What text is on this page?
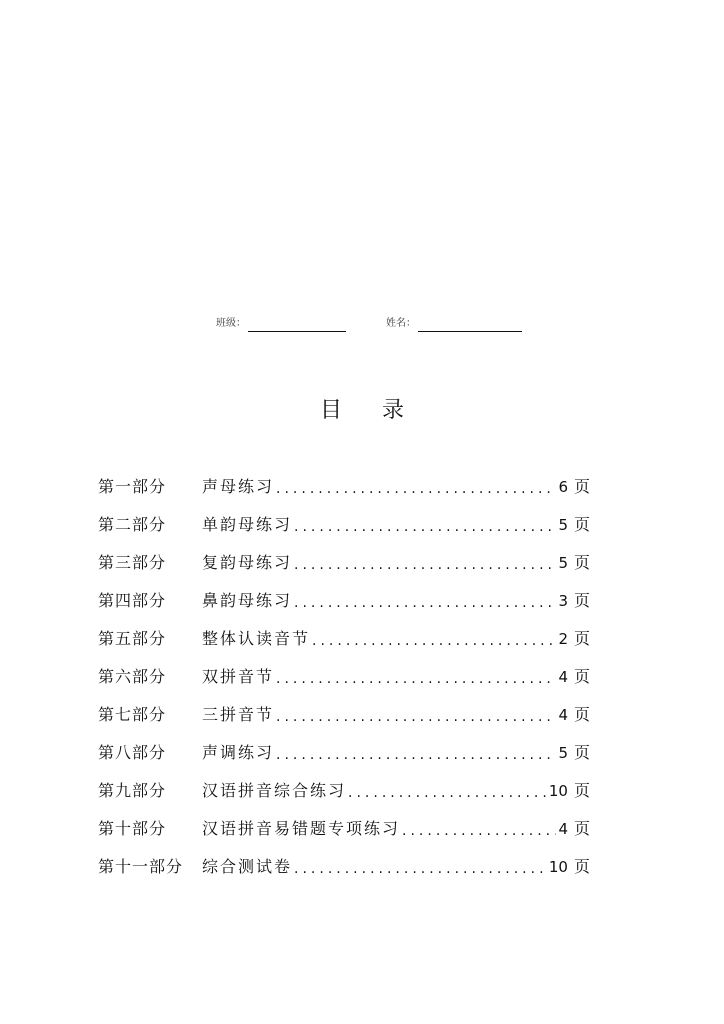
班级：	姓名：
目 录
第一部分	声母练习 .....	6 页
第二部分	单韵母练习 .....	5 页
第三部分	复韵母练习 .....	5 页
第四部分	鼻韵母练习 .....	3 页
第五部分	整体认读音节 .....	2 页
第六部分	双拼音节 .....	4 页
第七部分	三拼音节 .....	4 页
第八部分	声调练习 .....	5 页
第九部分	汉语拼音综合练习 .....	10 页
第十部分	汉语拼音易错题专项练习 .....	4 页
第十一部分	综合测试卷 .....	10 页
